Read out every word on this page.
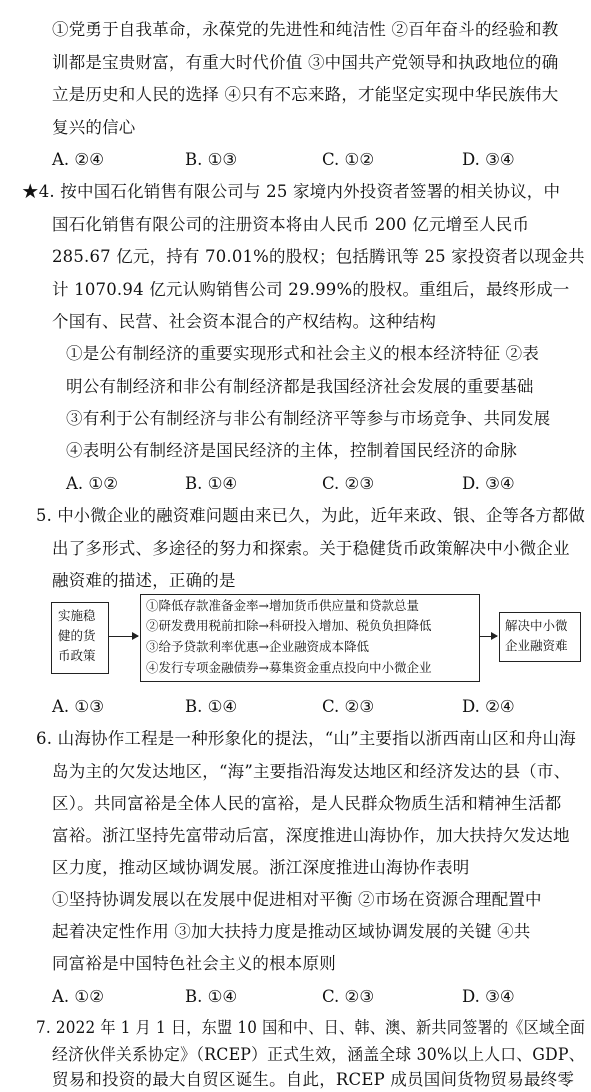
①党勇于自我革命，永葆党的先进性和纯洁性 ②百年奋斗的经验和教
训都是宝贵财富，有重大时代价值 ③中国共产党领导和执政地位的确
立是历史和人民的选择 ④只有不忘来路，才能坚定实现中华民族伟大
复兴的信心
A. ②④	B. ①③	C. ①②	D. ③④
★4. 按中国石化销售有限公司与 25 家境内外投资者签署的相关协议，中
国石化销售有限公司的注册资本将由人民币 200 亿元增至人民币
285.67 亿元，持有 70.01%的股权；包括腾讯等 25 家投资者以现金共
计 1070.94 亿元认购销售公司 29.99%的股权。重组后，最终形成一
个国有、民营、社会资本混合的产权结构。这种结构
①是公有制经济的重要实现形式和社会主义的根本经济特征 ②表
明公有制经济和非公有制经济都是我国经济社会发展的重要基础
③有利于公有制经济与非公有制经济平等参与市场竞争、共同发展
④表明公有制经济是国民经济的主体，控制着国民经济的命脉
A. ①②	B. ①④	C. ②③	D. ③④
5. 中小微企业的融资难问题由来已久，为此，近年来政、银、企等各方都做
出了多形式、多途径的努力和探索。关于稳健货币政策解决中小微企业
融资难的描述，正确的是
实施稳
健的货
币政策
①降低存款准备金率→增加货币供应量和贷款总量
②研发费用税前扣除→科研投入增加、税负负担降低
③给予贷款利率优惠→企业融资成本降低
④发行专项金融债券→募集资金重点投向中小微企业
解决中小微
企业融资难
A. ①③	B. ①④	C. ②③	D. ②④
6. 山海协作工程是一种形象化的提法，“山”主要指以浙西南山区和舟山海
岛为主的欠发达地区，“海”主要指沿海发达地区和经济发达的县（市、
区）。共同富裕是全体人民的富裕，是人民群众物质生活和精神生活都
富裕。浙江坚持先富带动后富，深度推进山海协作，加大扶持欠发达地
区力度，推动区域协调发展。浙江深度推进山海协作表明
①坚持协调发展以在发展中促进相对平衡 ②市场在资源合理配置中
起着决定性作用 ③加大扶持力度是推动区域协调发展的关键 ④共
同富裕是中国特色社会主义的根本原则
A. ①②	B. ①④	C. ②③	D. ③④
7. 2022 年 1 月 1 日，东盟 10 国和中、日、韩、澳、新共同签署的《区域全面
经济伙伴关系协定》（RCEP）正式生效，涵盖全球 30%以上人口、GDP、
贸易和投资的最大自贸区诞生。自此，RCEP 成员国间货物贸易最终零
